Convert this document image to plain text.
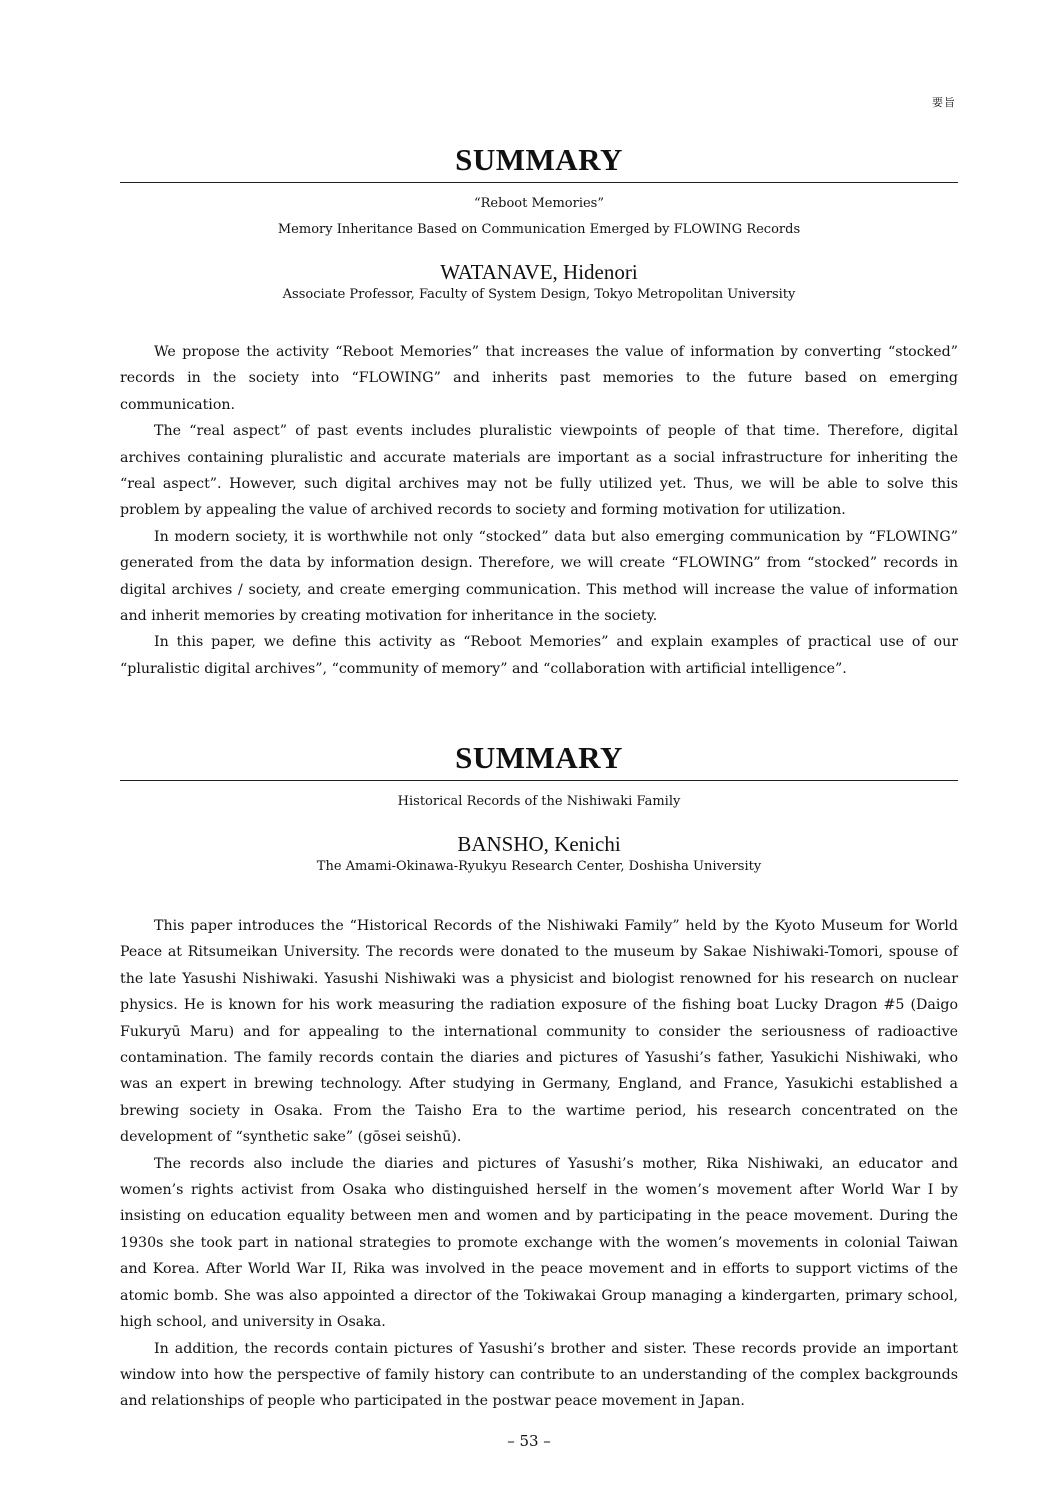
要旨
SUMMARY

“Reboot Memories”

Memory Inheritance Based on Communication Emerged by FLOWING Records

WATANAVE, Hidenori

Associate Professor, Faculty of System Design, Tokyo Metropolitan University

We propose the activity “Reboot Memories” that increases the value of information by converting “stocked” records in the society into “FLOWING” and inherits past memories to the future based on emerging communication.

The “real aspect” of past events includes pluralistic viewpoints of people of that time. Therefore, digital archives containing pluralistic and accurate materials are important as a social infrastructure for inheriting the “real aspect”. However, such digital archives may not be fully utilized yet. Thus, we will be able to solve this problem by appealing the value of archived records to society and forming motivation for utilization.

In modern society, it is worthwhile not only “stocked” data but also emerging communication by “FLOWING” generated from the data by information design. Therefore, we will create “FLOWING” from “stocked” records in digital archives / society, and create emerging communication. This method will increase the value of information and inherit memories by creating motivation for inheritance in the society.

In this paper, we define this activity as “Reboot Memories” and explain examples of practical use of our “pluralistic digital archives”, “community of memory” and “collaboration with artificial intelligence”.

SUMMARY

Historical Records of the Nishiwaki Family

BANSHO, Kenichi

The Amami-Okinawa-Ryukyu Research Center, Doshisha University

This paper introduces the “Historical Records of the Nishiwaki Family” held by the Kyoto Museum for World Peace at Ritsumeikan University. The records were donated to the museum by Sakae Nishiwaki-Tomori, spouse of the late Yasushi Nishiwaki. Yasushi Nishiwaki was a physicist and biologist renowned for his research on nuclear physics. He is known for his work measuring the radiation exposure of the fishing boat Lucky Dragon #5 (Daigo Fukuryū Maru) and for appealing to the international community to consider the seriousness of radioactive contamination. The family records contain the diaries and pictures of Yasushi’s father, Yasukichi Nishiwaki, who was an expert in brewing technology. After studying in Germany, England, and France, Yasukichi established a brewing society in Osaka. From the Taisho Era to the wartime period, his research concentrated on the development of “synthetic sake” (gōsei seishū).

The records also include the diaries and pictures of Yasushi’s mother, Rika Nishiwaki, an educator and women’s rights activist from Osaka who distinguished herself in the women’s movement after World War I by insisting on education equality between men and women and by participating in the peace movement. During the 1930s she took part in national strategies to promote exchange with the women’s movements in colonial Taiwan and Korea. After World War II, Rika was involved in the peace movement and in efforts to support victims of the atomic bomb. She was also appointed a director of the Tokiwakai Group managing a kindergarten, primary school, high school, and university in Osaka.

In addition, the records contain pictures of Yasushi’s brother and sister. These records provide an important window into how the perspective of family history can contribute to an understanding of the complex backgrounds and relationships of people who participated in the postwar peace movement in Japan.

– 53 –
